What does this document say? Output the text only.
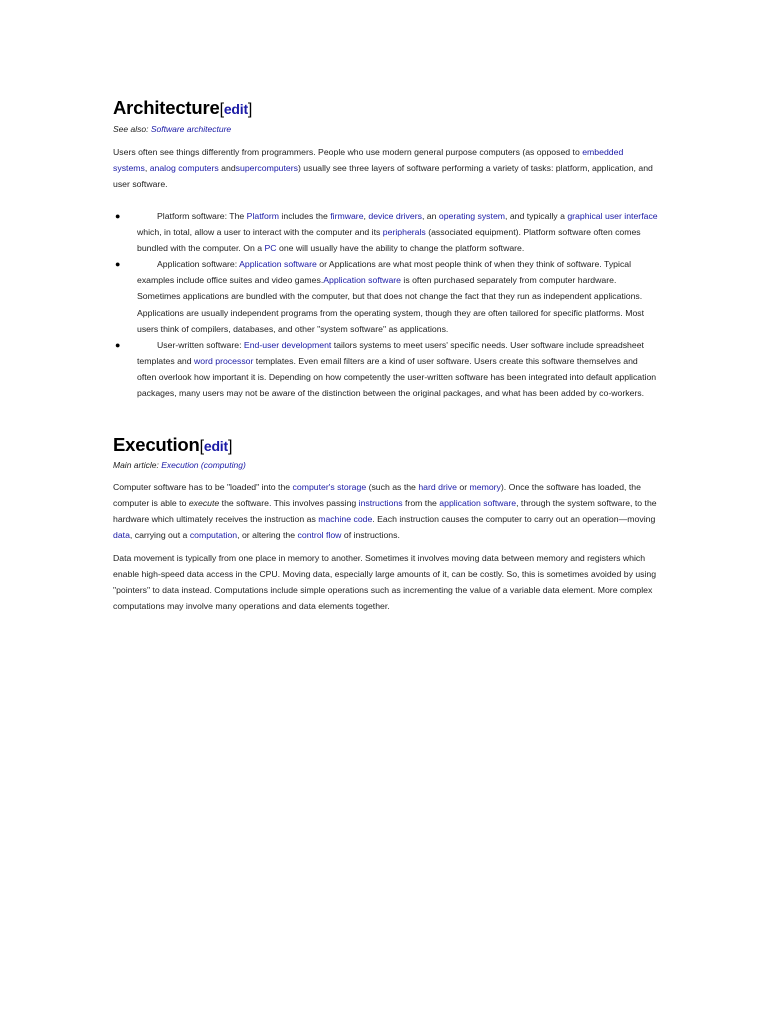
Architecture[edit]
See also: Software architecture

Users often see things differently from programmers. People who use modern general purpose computers (as opposed to embedded systems, analog computers andsupercomputers) usually see three layers of software performing a variety of tasks: platform, application, and user software.

●	Platform software: The Platform includes the firmware, device drivers, an operating system, and typically a graphical user interface which, in total, allow a user to interact with the computer and its peripherals (associated equipment). Platform software often comes bundled with the computer. On a PC one will usually have the ability to change the platform software.
●	Application software: Application software or Applications are what most people think of when they think of software. Typical examples include office suites and video games.Application software is often purchased separately from computer hardware. Sometimes applications are bundled with the computer, but that does not change the fact that they run as independent applications. Applications are usually independent programs from the operating system, though they are often tailored for specific platforms. Most users think of compilers, databases, and other "system software" as applications.
●	User-written software: End-user development tailors systems to meet users' specific needs. User software include spreadsheet templates and word processor templates. Even email filters are a kind of user software. Users create this software themselves and often overlook how important it is. Depending on how competently the user-written software has been integrated into default application packages, many users may not be aware of the distinction between the original packages, and what has been added by co-workers.
Execution[edit]
Main article: Execution (computing)

Computer software has to be "loaded" into the computer's storage (such as the hard drive or memory). Once the software has loaded, the computer is able to execute the software. This involves passing instructions from the application software, through the system software, to the hardware which ultimately receives the instruction as machine code. Each instruction causes the computer to carry out an operation—moving data, carrying out a computation, or altering the control flow of instructions.

Data movement is typically from one place in memory to another. Sometimes it involves moving data between memory and registers which enable high-speed data access in the CPU. Moving data, especially large amounts of it, can be costly. So, this is sometimes avoided by using "pointers" to data instead. Computations include simple operations such as incrementing the value of a variable data element. More complex computations may involve many operations and data elements together.
